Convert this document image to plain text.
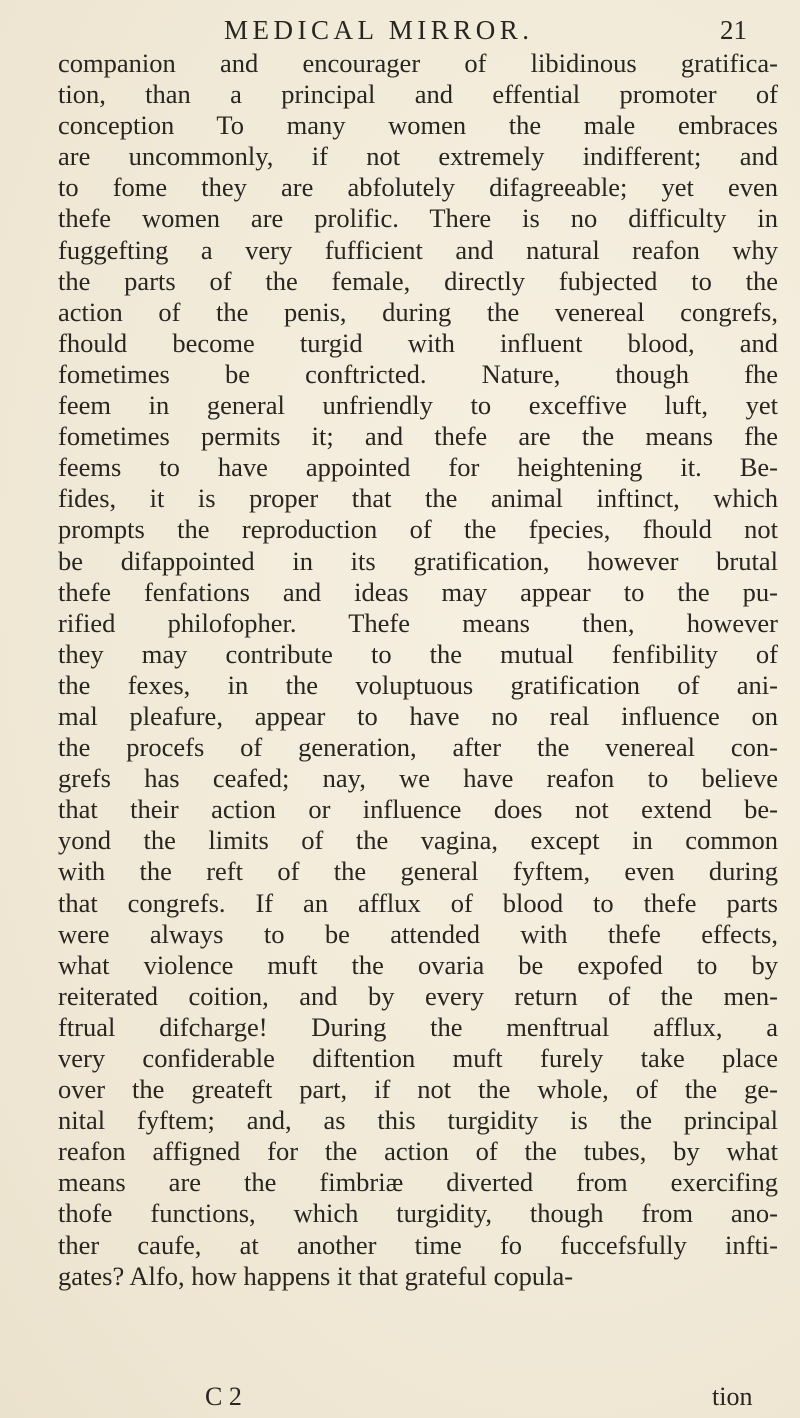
MEDICAL MIRROR.	21
companion and encourager of libidinous gratifica-
tion, than a principal and effential promoter of
conception To many women the male embraces
are uncommonly, if not extremely indifferent; and
to fome they are abfolutely difagreeable; yet even
thefe women are prolific. There is no difficulty in
fuggefting a very fufficient and natural reafon why
the parts of the female, directly fubjected to the
action of the penis, during the venereal congrefs,
fhould become turgid with influent blood, and
fometimes be conftricted. Nature, though fhe
feem in general unfriendly to exceffive luft, yet
fometimes permits it; and thefe are the means fhe
feems to have appointed for heightening it. Be-
fides, it is proper that the animal inftinct, which
prompts the reproduction of the fpecies, fhould not
be difappointed in its gratification, however brutal
thefe fenfations and ideas may appear to the pu-
rified philofopher. Thefe means then, however
they may contribute to the mutual fenfibility of
the fexes, in the voluptuous gratification of ani-
mal pleafure, appear to have no real influence on
the procefs of generation, after the venereal con-
grefs has ceafed; nay, we have reafon to believe
that their action or influence does not extend be-
yond the limits of the vagina, except in common
with the reft of the general fyftem, even during
that congrefs. If an afflux of blood to thefe parts
were always to be attended with thefe effects,
what violence muft the ovaria be expofed to by
reiterated coition, and by every return of the men-
ftrual difcharge! During the menftrual afflux, a
very confiderable diftention muft furely take place
over the greateft part, if not the whole, of the ge-
nital fyftem; and, as this turgidity is the principal
reafon affigned for the action of the tubes, by what
means are the fimbriæ diverted from exercifing
thofe functions, which turgidity, though from ano-
ther caufe, at another time fo fuccefsfully infti-
gates? Alfo, how happens it that grateful copula-
C 2	tion
